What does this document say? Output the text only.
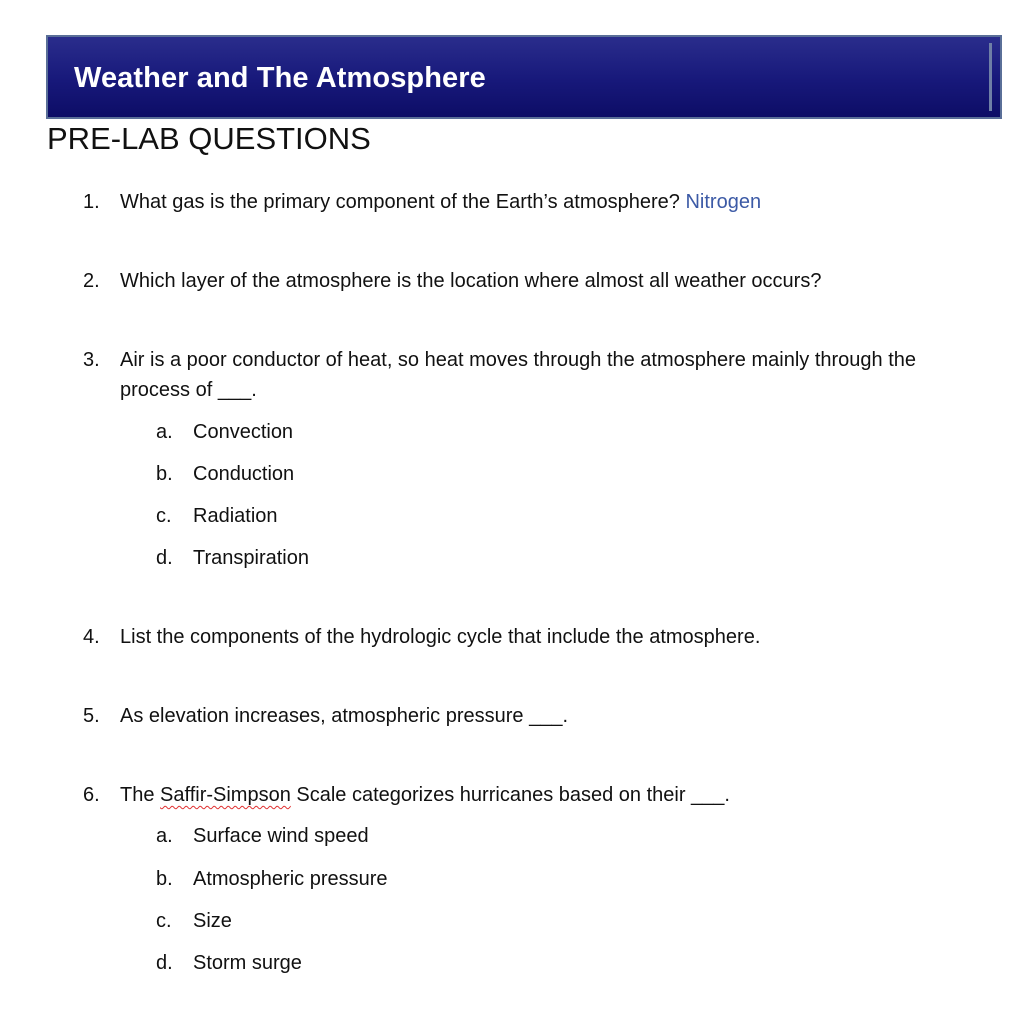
Weather and The Atmosphere
PRE-LAB QUESTIONS
1. What gas is the primary component of the Earth’s atmosphere? Nitrogen
2. Which layer of the atmosphere is the location where almost all weather occurs?
3. Air is a poor conductor of heat, so heat moves through the atmosphere mainly through the process of ___.
a. Convection
b. Conduction
c. Radiation
d. Transpiration
4. List the components of the hydrologic cycle that include the atmosphere.
5. As elevation increases, atmospheric pressure ___.
6. The Saffir-Simpson Scale categorizes hurricanes based on their ___.
a. Surface wind speed
b. Atmospheric pressure
c. Size
d. Storm surge
